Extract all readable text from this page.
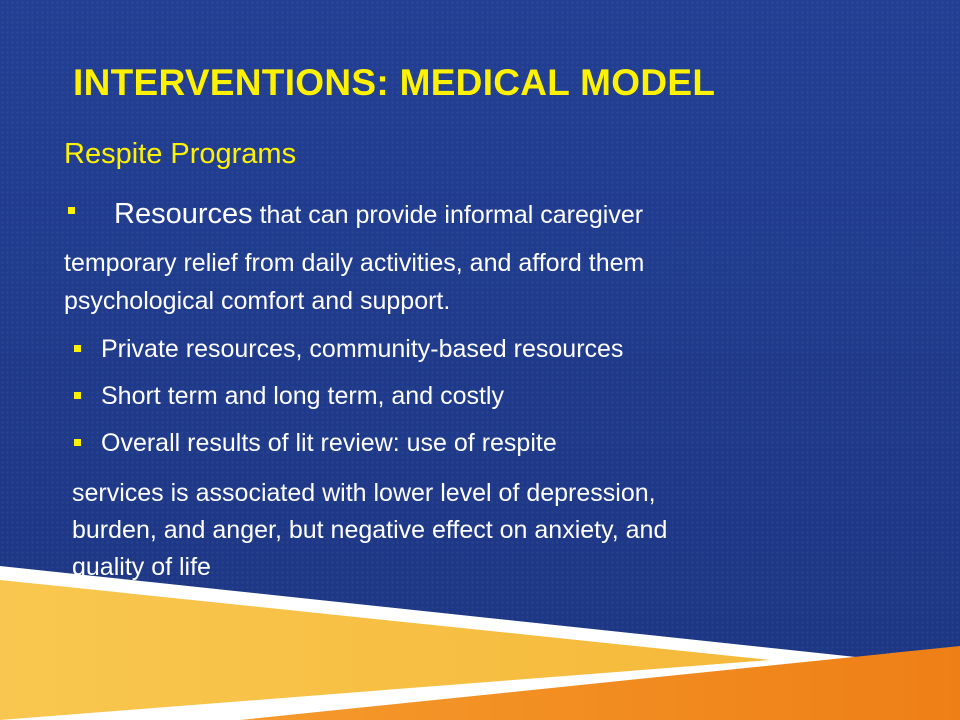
INTERVENTIONS: MEDICAL MODEL
Respite Programs
Resources that can provide informal caregiver
temporary relief from daily activities, and afford them
psychological comfort and support.
Private resources, community-based resources
Short term and long term, and costly
Overall results of lit review: use of respite
services is associated with lower level of depression,
burden, and anger, but negative effect on anxiety, and
quality of life
